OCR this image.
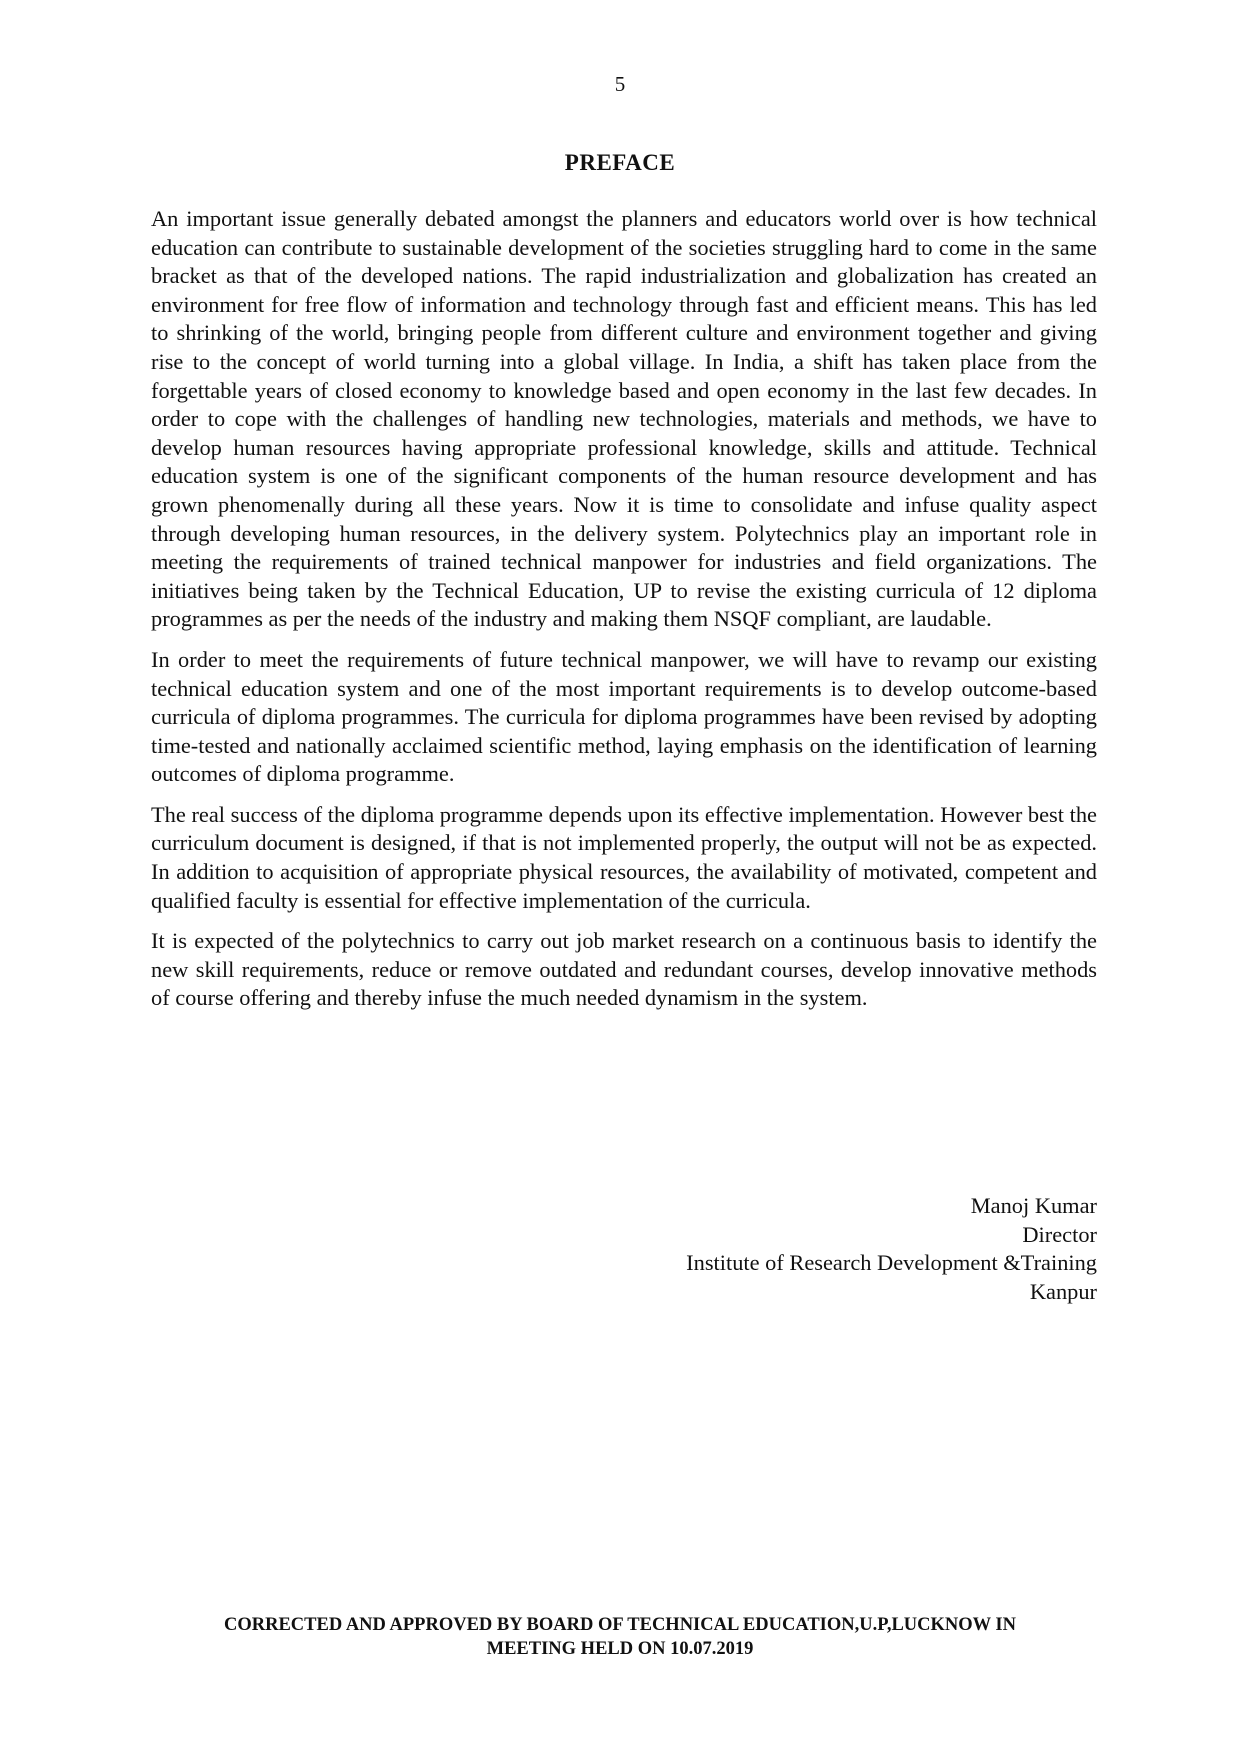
5
PREFACE

An important issue generally debated amongst the planners and educators world over is how technical education can contribute to sustainable development of the societies struggling hard to come in the same bracket as that of the developed nations. The rapid industrialization and globalization has created an environment for free flow of information and technology through fast and efficient means. This has led to shrinking of the world, bringing people from different culture and environment together and giving rise to the concept of world turning into a global village. In India, a shift has taken place from the forgettable years of closed economy to knowledge based and open economy in the last few decades. In order to cope with the challenges of handling new technologies, materials and methods, we have to develop human resources having appropriate professional knowledge, skills and attitude. Technical education system is one of the significant components of the human resource development and has grown phenomenally during all these years. Now it is time to consolidate and infuse quality aspect through developing human resources, in the delivery system. Polytechnics play an important role in meeting the requirements of trained technical manpower for industries and field organizations. The initiatives being taken by the Technical Education, UP to revise the existing curricula of 12 diploma programmes as per the needs of the industry and making them NSQF compliant, are laudable.

In order to meet the requirements of future technical manpower, we will have to revamp our existing technical education system and one of the most important requirements is to develop outcome-based curricula of diploma programmes. The curricula for diploma programmes have been revised by adopting time-tested and nationally acclaimed scientific method, laying emphasis on the identification of learning outcomes of diploma programme.

The real success of the diploma programme depends upon its effective implementation. However best the curriculum document is designed, if that is not implemented properly, the output will not be as expected. In addition to acquisition of appropriate physical resources, the availability of motivated, competent and qualified faculty is essential for effective implementation of the curricula.

It is expected of the polytechnics to carry out job market research on a continuous basis to identify the new skill requirements, reduce or remove outdated and redundant courses, develop innovative methods of course offering and thereby infuse the much needed dynamism in the system.

Manoj Kumar
Director
Institute of Research Development &Training
Kanpur
CORRECTED AND APPROVED BY BOARD OF TECHNICAL EDUCATION,U.P,LUCKNOW IN
MEETING HELD ON 10.07.2019
